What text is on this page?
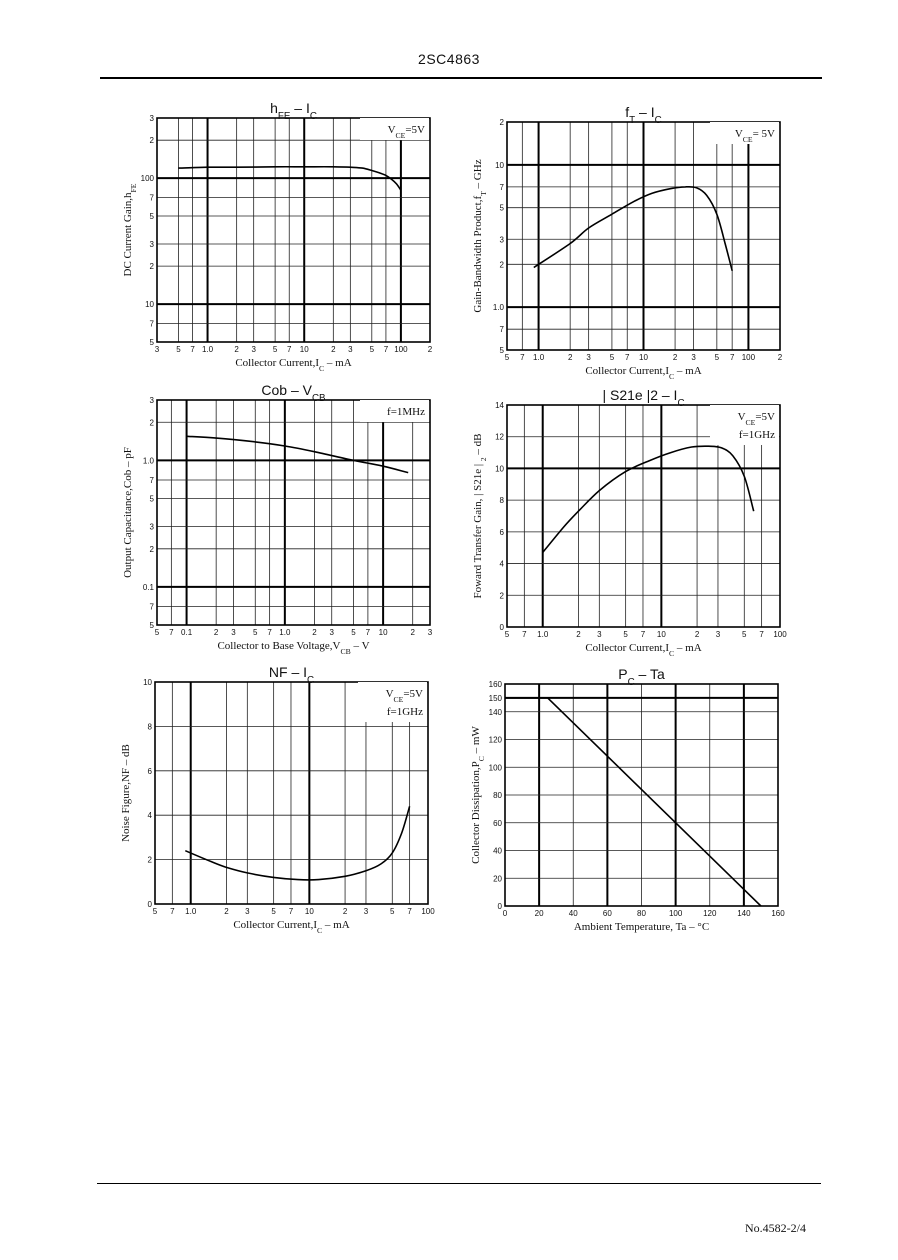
2SC4863
3 5 7 1.0	2 3 5 7 10	2 3 5 7 100	2
5
7
10
2
3
5
7
100
2
3
$V_{CE}=5V$
$h_{FE} - I_C$
Collector $Current,I_C$ – mA
DC Current $Gain,h_{FE}$
5 7 1.0	2 3 5 7 10	2 3 5 7 100	2
5
7
1.0
2
3
5
7
10
2
$V_{CE}= 5V$
$f_T - I_C$
Collector $Current,I_C$ – mA
Gain-Bandwidth $Product,f_T$ – GHz
5 7 0.1	2 3 5 7 1.0	2 3 5 7 10	2 3
5
7
0.1
2
3
5
7
1.0
2
3
f=1MHz
Cob – $V_{CB}$
Collector to Base $Voltage,V_{CB}$ – V
Output Capacitance,Cob – pF
5 7 1.0	2 3	5 7 10	2 3	5 7 100
0
2
4
6
8
10
12
14
$V_{CE}=5V$
f=1GHz
| S21e $|2 - I_C$
Collector $Current,I_C$ – mA
Foward Transfer Gain, | S21e | $_2$ – dB
5 7 1.0	2 3	5 7 10	2 3	5 7 100
0
2
4
6
8
10
$V_{CE}=5V$
f=1GHz
NF – $I_C$
Collector $Current,I_C$ – mA
Noise Figure,NF – dB
0	20	40	60	80	100	120	140	160
0
20
40
60
80
100
120
140
150
160
$P_C$ – Ta
Ambient Temperature, Ta – °C
Collector $Dissipation,P_C$ – mW
No.4582-2/4
